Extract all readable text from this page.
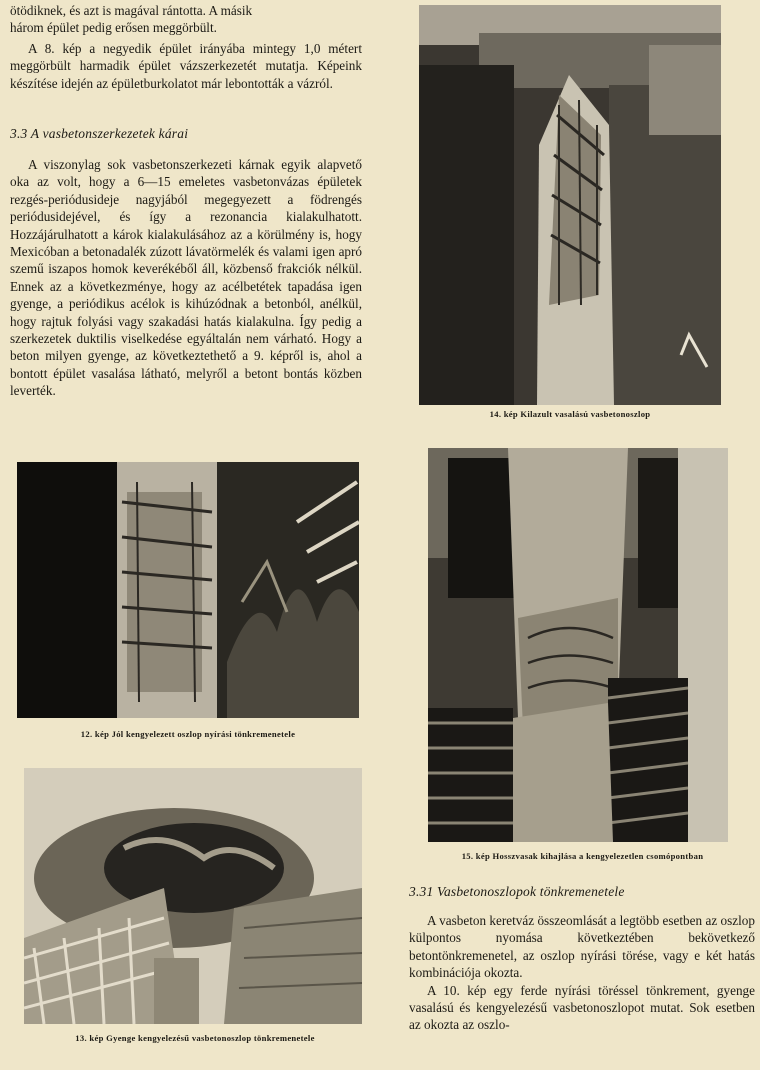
ötödiknek, és azt is magával rántotta. A másik
három épület pedig erősen meggörbült.

A 8. kép a negyedik épület irányába mintegy 1,0 métert meggörbült harmadik épület vázszerkezetét mutatja. Képeink készítése idején az épületburkolatot már lebontották a vázról.

3.3 A vasbetonszerkezetek kárai

A viszonylag sok vasbetonszerkezeti kárnak egyik alapvető oka az volt, hogy a 6—15 emeletes vasbetonvázas épületek rezgés-periódusideje nagyjából megegyezett a födrengés periódusidejével, és így a rezonancia kialakulhatott. Hozzájárulhatott a károk kialakulásához az a körülmény is, hogy Mexicóban a betonadalék zúzott lávatörmelék és valami igen apró szemű iszapos homok keverékéből áll, közbenső frakciók nélkül. Ennek az a következménye, hogy az acélbetétek tapadása igen gyenge, a periódikus acélok is kihúzódnak a betonból, anélkül, hogy rajtuk folyási vagy szakadási hatás kialakulna. Így pedig a szerkezetek duktilis viselkedése egyáltalán nem várható. Hogy a beton milyen gyenge, az következtethető a 9. képről is, ahol a bontott épület vasalása látható, melyről a betont bontás közben leverték.

14. kép Kilazult vasalású vasbetonoszlop
12. kép Jól kengyelezett oszlop nyírási tönkremenetele
15. kép Hosszvasak kihajlása a kengyelezetlen csomópontban
13. kép Gyenge kengyelezésű vasbetonoszlop tönkremenetele
3.31 Vasbetonoszlopok tönkremenetele

A vasbeton keretváz összeomlását a legtöbb esetben az oszlop külpontos nyomása következtében bekövetkező betontönkremenetel, az oszlop nyírási törése, vagy e két hatás kombinációja okozta.

A 10. kép egy ferde nyírási töréssel tönkrement, gyenge vasalású és kengyelezésű vasbetonoszlopot mutat. Sok esetben az okozta az oszlo-
